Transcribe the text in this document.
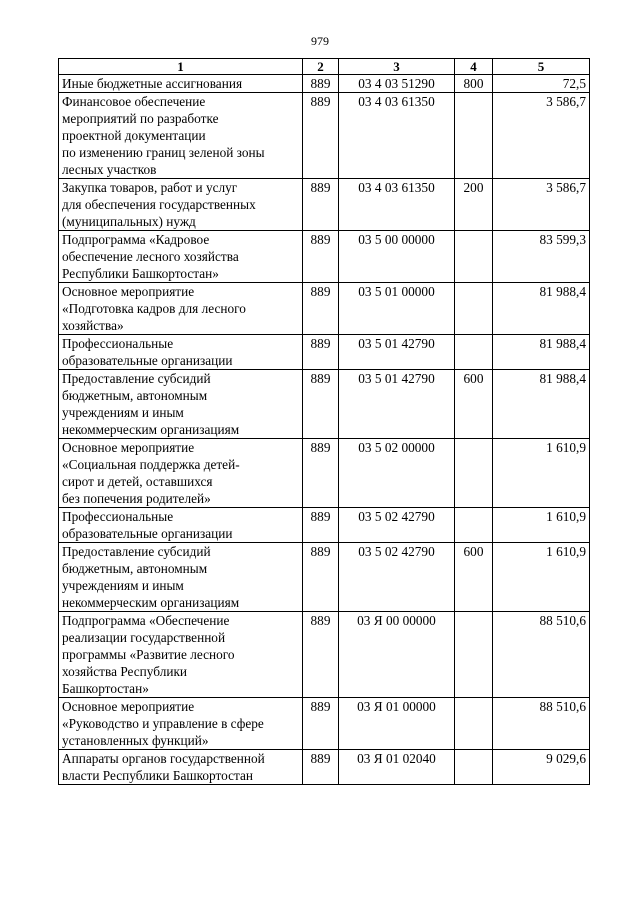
979
1	2	3	4	5
Иные бюджетные ассигнования	889	03 4 03 51290	800	72,5
Финансовое обеспечение
мероприятий по разработке
проектной документации
по изменению границ зеленой зоны
лесных участков	889	03 4 03 61350		3 586,7
Закупка товаров, работ и услуг
для обеспечения государственных
(муниципальных) нужд	889	03 4 03 61350	200	3 586,7
Подпрограмма «Кадровое
обеспечение лесного хозяйства
Республики Башкортостан»	889	03 5 00 00000		83 599,3
Основное мероприятие
«Подготовка кадров для лесного
хозяйства»	889	03 5 01 00000		81 988,4
Профессиональные
образовательные организации	889	03 5 01 42790		81 988,4
Предоставление субсидий
бюджетным, автономным
учреждениям и иным
некоммерческим организациям	889	03 5 01 42790	600	81 988,4
Основное мероприятие
«Социальная поддержка детей-
сирот и детей, оставшихся
без попечения родителей»	889	03 5 02 00000		1 610,9
Профессиональные
образовательные организации	889	03 5 02 42790		1 610,9
Предоставление субсидий
бюджетным, автономным
учреждениям и иным
некоммерческим организациям	889	03 5 02 42790	600	1 610,9
Подпрограмма «Обеспечение
реализации государственной
программы «Развитие лесного
хозяйства Республики
Башкортостан»	889	03 Я 00 00000		88 510,6
Основное мероприятие
«Руководство и управление в сфере
установленных функций»	889	03 Я 01 00000		88 510,6
Аппараты органов государственной
власти Республики Башкортостан	889	03 Я 01 02040		9 029,6
